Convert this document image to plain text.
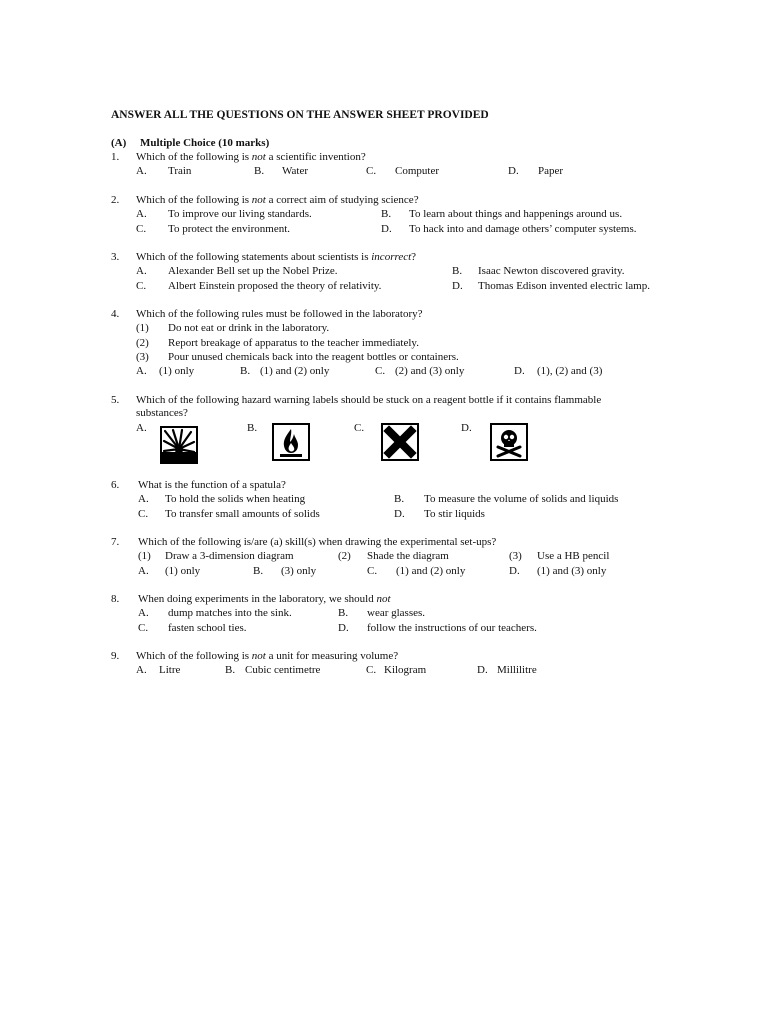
ANSWER ALL THE QUESTIONS ON THE ANSWER SHEET PROVIDED
(A) Multiple Choice (10 marks)
1. Which of the following is not a scientific invention?
A. Train	B. Water	C. Computer	D. Paper
2. Which of the following is not a correct aim of studying science?
A. To improve our living standards.	B. To learn about things and happenings around us.
C. To protect the environment.	D. To hack into and damage others’ computer systems.
3. Which of the following statements about scientists is incorrect?
A. Alexander Bell set up the Nobel Prize.	B. Isaac Newton discovered gravity.
C. Albert Einstein proposed the theory of relativity.	D. Thomas Edison invented electric lamp.
4. Which of the following rules must be followed in the laboratory?
(1) Do not eat or drink in the laboratory.
(2) Report breakage of apparatus to the teacher immediately.
(3) Pour unused chemicals back into the reagent bottles or containers.
A. (1) only	B. (1) and (2) only	C. (2) and (3) only	D. (1), (2) and (3)
5. Which of the following hazard warning labels should be stuck on a reagent bottle if it contains flammable
substances?
A.	B.	C.	D.
6. What is the function of a spatula?
A. To hold the solids when heating	B. To measure the volume of solids and liquids
C. To transfer small amounts of solids	D. To stir liquids
7. Which of the following is/are (a) skill(s) when drawing the experimental set-ups?
(1) Draw a 3-dimension diagram	(2) Shade the diagram	(3) Use a HB pencil
A. (1) only	B. (3) only	C. (1) and (2) only	D. (1) and (3) only
8. When doing experiments in the laboratory, we should not
A. dump matches into the sink.	B. wear glasses.
C. fasten school ties.	D. follow the instructions of our teachers.
9. Which of the following is not a unit for measuring volume?
A. Litre	B. Cubic centimetre	C. Kilogram	D. Millilitre
